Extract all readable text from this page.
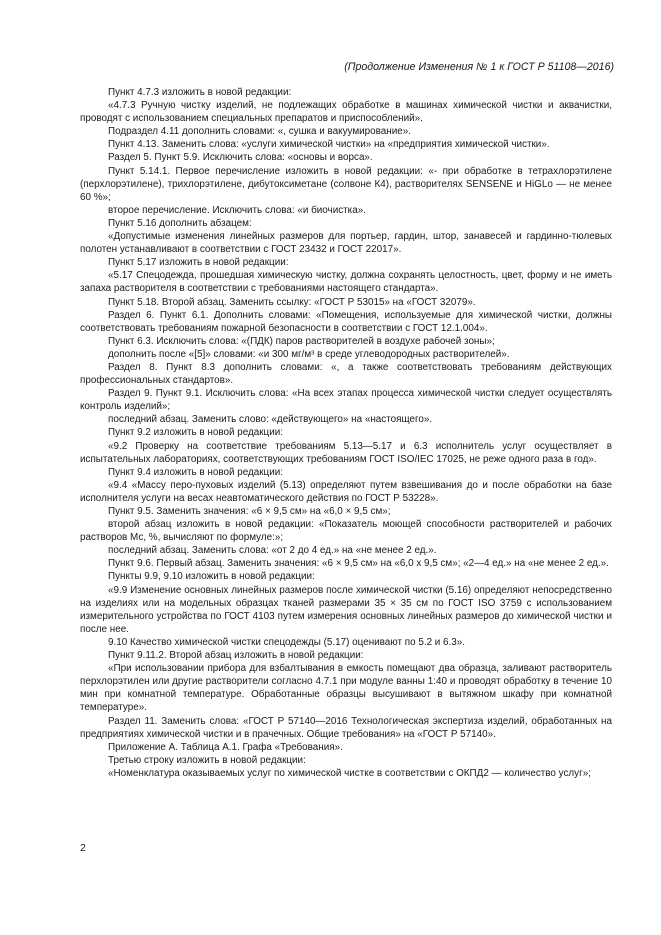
(Продолжение Изменения № 1 к ГОСТ Р 51108—2016)

Пункт 4.7.3 изложить в новой редакции:

«4.7.3 Ручную чистку изделий, не подлежащих обработке в машинах химической чистки и аквачистки, проводят с использованием специальных препаратов и приспособлений».

Подраздел 4.11 дополнить словами: «, сушка и вакуумирование».

Пункт 4.13. Заменить слова: «услуги химической чистки» на «предприятия химической чистки».

Раздел 5. Пункт 5.9. Исключить слова: «основы и ворса».

Пункт 5.14.1. Первое перечисление изложить в новой редакции: «- при обработке в тетрахлорэтилене (перхлорэтилене), трихлорэтилене, дибутоксиметане (солвоне К4), растворителях SENSENE и HiGLo — не менее 60 %»;

второе перечисление. Исключить слова: «и биочистка».

Пункт 5.16 дополнить абзацем:

«Допустимые изменения линейных размеров для портьер, гардин, штор, занавесей и гардинно-тюлевых полотен устанавливают в соответствии с ГОСТ 23432 и ГОСТ 22017».

Пункт 5.17 изложить в новой редакции:

«5.17 Спецодежда, прошедшая химическую чистку, должна сохранять целостность, цвет, форму и не иметь запаха растворителя в соответствии с требованиями настоящего стандарта».

Пункт 5.18. Второй абзац. Заменить ссылку: «ГОСТ Р 53015» на «ГОСТ 32079».

Раздел 6. Пункт 6.1. Дополнить словами: «Помещения, используемые для химической чистки, должны соответствовать требованиям пожарной безопасности в соответствии с ГОСТ 12.1.004».

Пункт 6.3. Исключить слова: «(ПДК) паров растворителей в воздухе рабочей зоны»;

дополнить после «[5]» словами: «и 300 мг/м³ в среде углеводородных растворителей».

Раздел 8. Пункт 8.3 дополнить словами: «, а также соответствовать требованиям действующих профессиональных стандартов».

Раздел 9. Пункт 9.1. Исключить слова: «На всех этапах процесса химической чистки следует осуществлять контроль изделий»;

последний абзац. Заменить слово: «действующего» на «настоящего».

Пункт 9.2 изложить в новой редакции:

«9.2 Проверку на соответствие требованиям 5.13—5.17 и 6.3 исполнитель услуг осуществляет в испытательных лабораториях, соответствующих требованиям ГОСТ ISO/IEC 17025, не реже одного раза в год».

Пункт 9.4 изложить в новой редакции:

«9.4 «Массу перо-пуховых изделий (5.13) определяют путем взвешивания до и после обработки на базе исполнителя услуги на весах неавтоматического действия по ГОСТ Р 53228».

Пункт 9.5. Заменить значения: «6 × 9,5 см» на «6,0 × 9,5 см»;

второй абзац изложить в новой редакции: «Показатель моющей способности растворителей и рабочих растворов Мс, %, вычисляют по формуле:»;

последний абзац. Заменить слова: «от 2 до 4 ед.» на «не менее 2 ед.».

Пункт 9.6. Первый абзац. Заменить значения: «6 × 9,5 см» на «6,0 х 9,5 см»; «2—4 ед.» на «не менее 2 ед.».

Пункты 9.9, 9.10 изложить в новой редакции:

«9.9 Изменение основных линейных размеров после химической чистки (5.16) определяют непосредственно на изделиях или на модельных образцах тканей размерами 35 × 35 см по ГОСТ ISO 3759 с использованием измерительного устройства по ГОСТ 4103 путем измерения основных линейных размеров до химической чистки и после нее.

9.10 Качество химической чистки спецодежды (5.17) оценивают по 5.2 и 6.3».

Пункт 9.11.2. Второй абзац изложить в новой редакции:

«При использовании прибора для взбалтывания в емкость помещают два образца, заливают растворитель перхлорэтилен или другие растворители согласно 4.7.1 при модуле ванны 1:40 и проводят обработку в течение 10 мин при комнатной температуре. Обработанные образцы высушивают в вытяжном шкафу при комнатной температуре».

Раздел 11. Заменить слова: «ГОСТ Р 57140—2016 Технологическая экспертиза изделий, обработанных на предприятиях химической чистки и в прачечных. Общие требования» на «ГОСТ Р 57140».

Приложение А. Таблица А.1. Графа «Требования».

Третью строку изложить в новой редакции:

«Номенклатура оказываемых услуг по химической чистке в соответствии с ОКПД2 — количество услуг»;

2
